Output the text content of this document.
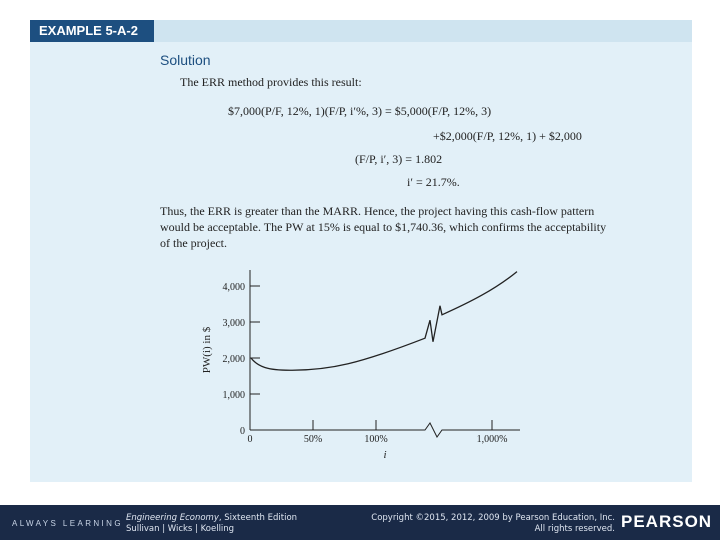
EXAMPLE 5-A-2
Solution
The ERR method provides this result:
$7,000(P/F, 12%, 1)(F/P, i′%, 3) = $5,000(F/P, 12%, 3)
+$2,000(F/P, 12%, 1) + $2,000
(F/P, i′, 3) = 1.802
i′ = 21.7%.
Thus, the ERR is greater than the MARR. Hence, the project having this cash-flow pattern
would be acceptable. The PW at 15% is equal to $1,740.36, which confirms the acceptability
of the project.
0
1,000
2,000
3,000
4,000
0	50%	100%	1,000%
PW(i) in $
i
ALWAYS LEARNING
Engineering Economy, Sixteenth Edition
Sullivan | Wicks | Koelling
Copyright ©2015, 2012, 2009 by Pearson Education, Inc.
All rights reserved. PEARSON
